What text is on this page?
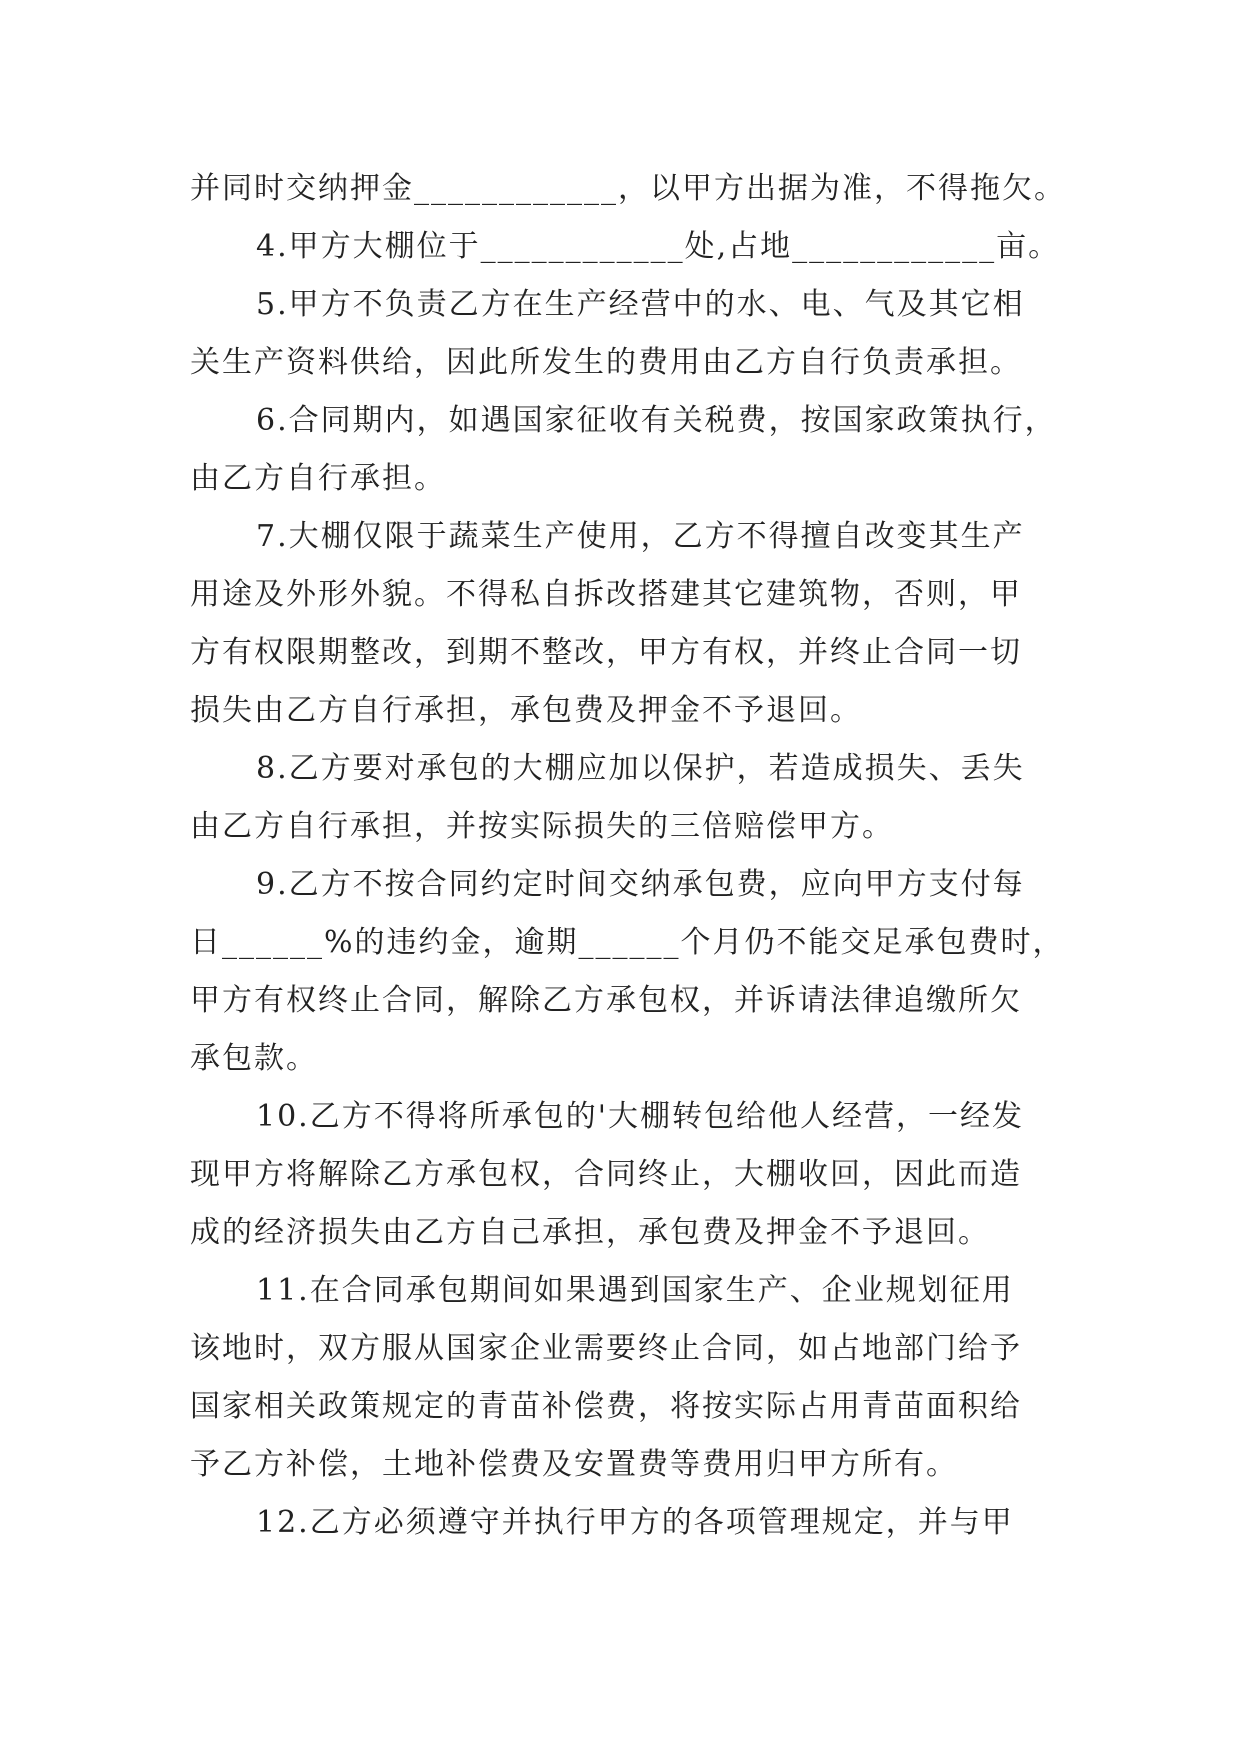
并同时交纳押金____________，以甲方出据为准，不得拖欠。
4.甲方大棚位于____________处,占地____________亩。
5.甲方不负责乙方在生产经营中的水、电、气及其它相
关生产资料供给，因此所发生的费用由乙方自行负责承担。
6.合同期内，如遇国家征收有关税费，按国家政策执行，
由乙方自行承担。
7.大棚仅限于蔬菜生产使用，乙方不得擅自改变其生产
用途及外形外貌。不得私自拆改搭建其它建筑物，否则，甲
方有权限期整改，到期不整改，甲方有权，并终止合同一切
损失由乙方自行承担，承包费及押金不予退回。
8.乙方要对承包的大棚应加以保护，若造成损失、丢失
由乙方自行承担，并按实际损失的三倍赔偿甲方。
9.乙方不按合同约定时间交纳承包费，应向甲方支付每
日______%的违约金，逾期______个月仍不能交足承包费时，
甲方有权终止合同，解除乙方承包权，并诉请法律追缴所欠
承包款。
10.乙方不得将所承包的'大棚转包给他人经营，一经发
现甲方将解除乙方承包权，合同终止，大棚收回，因此而造
成的经济损失由乙方自己承担，承包费及押金不予退回。
11.在合同承包期间如果遇到国家生产、企业规划征用
该地时，双方服从国家企业需要终止合同，如占地部门给予
国家相关政策规定的青苗补偿费，将按实际占用青苗面积给
予乙方补偿，土地补偿费及安置费等费用归甲方所有。
12.乙方必须遵守并执行甲方的各项管理规定，并与甲
